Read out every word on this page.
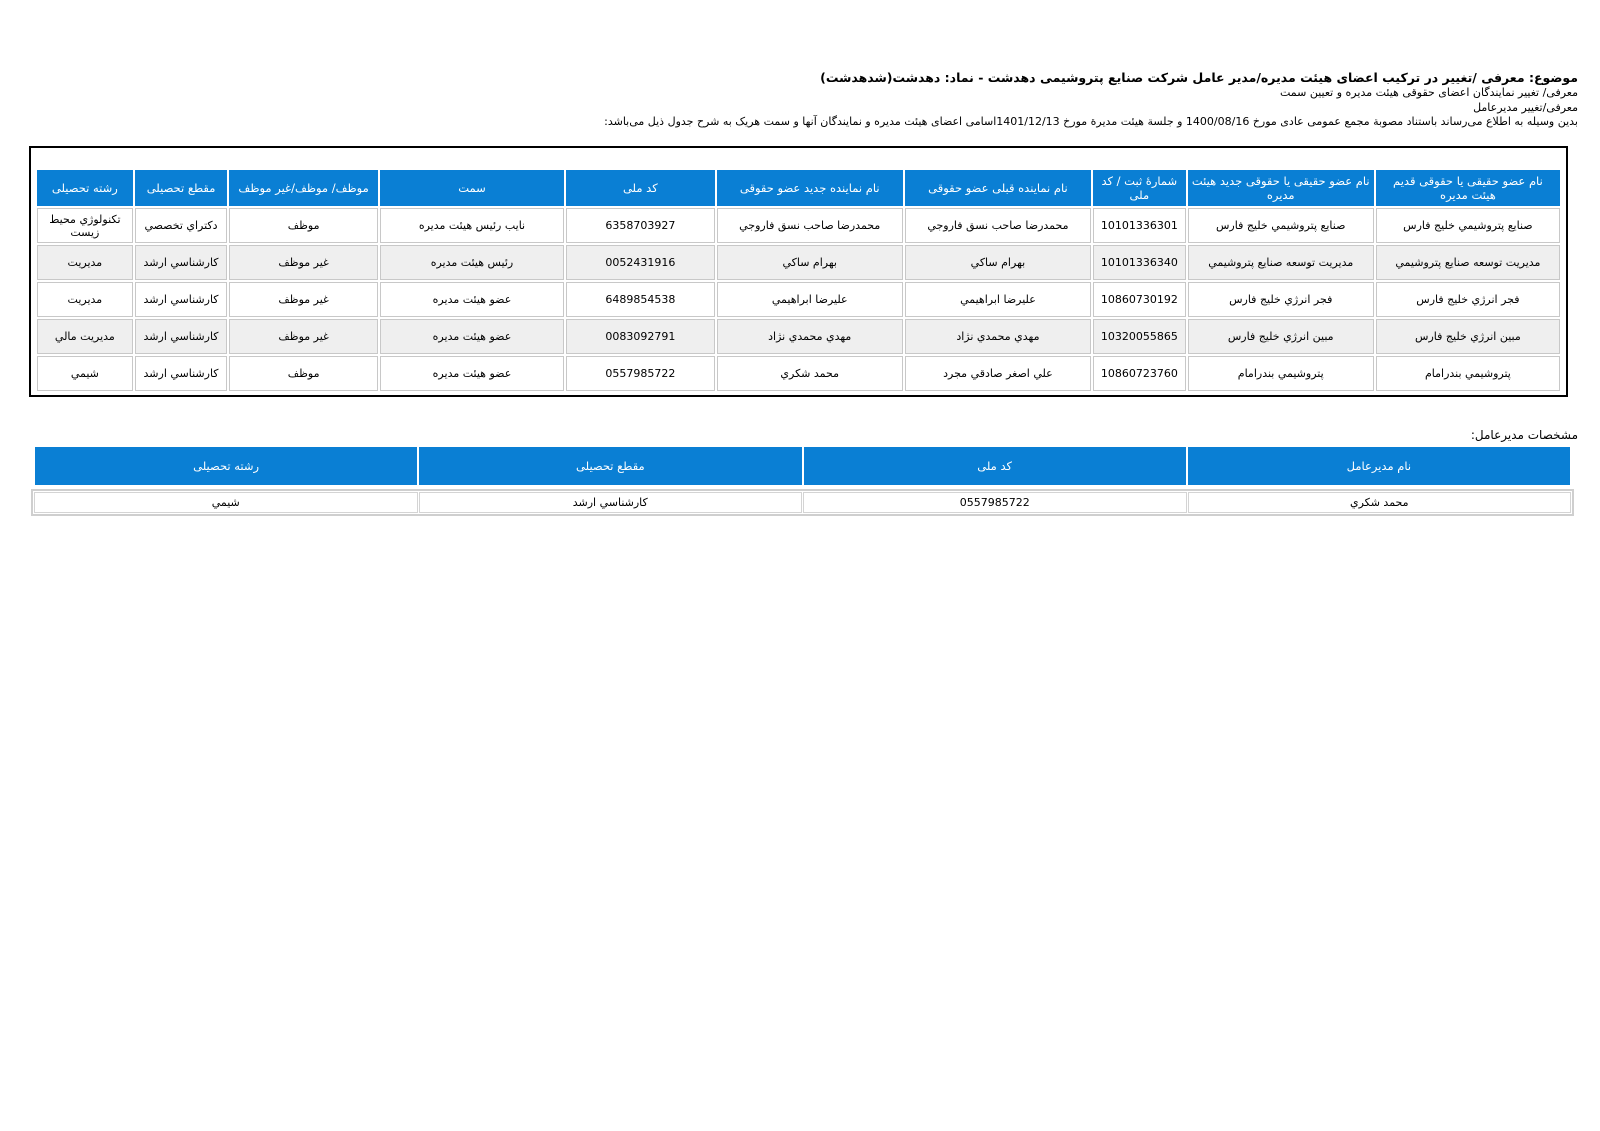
موضوع: معرفی /تغییر در ترکیب اعضای هیئت مدیره/مدیر عامل شرکت صنایع پتروشیمی دهدشت - نماد: دهدشت(شدهدشت)
معرفی/ تغییر نمایندگان اعضای حقوقی هیئت مدیره و تعیین سمت
معرفی/تغییر مدیرعامل
بدین وسیله به اطلاع می‌رساند باستناد مصوبة مجمع عمومی عادی مورخ 1400/08/16 و جلسة هیئت مدیرة مورخ 1401/12/13اسامی اعضای هیئت مدیره و نمایندگان آنها و سمت هریک به شرح جدول ذیل می‌باشد:
نام عضو حقیقی یا حقوقی قدیم هیئت مدیره	نام عضو حقیقی یا حقوقی جدید هیئت مدیره	شمارۀ ثبت / کد ملی	نام نماینده قبلی عضو حقوقی	نام نماینده جدید عضو حقوقی	کد ملی	سمت	موظف/ موظف/غیر موظف	مقطع تحصیلی	رشته تحصیلی
صنايع پتروشيمي خليج فارس	صنايع پتروشيمي خليج فارس	10101336301	محمدرضا صاحب نسق فاروجي	محمدرضا صاحب نسق فاروجي	6358703927	نايب رئيس هيئت مديره	موظف	دكتراي تخصصي	تكنولوژي محيط زيست
مديريت توسعه صنايع پتروشيمي	مديريت توسعه صنايع پتروشيمي	10101336340	بهرام ساكي	بهرام ساكي	0052431916	رئيس هيئت مديره	غير موظف	كارشناسي ارشد	مديريت
فجر انرژي خليج فارس	فجر انرژي خليج فارس	10860730192	عليرضا ابراهيمي	عليرضا ابراهيمي	6489854538	عضو هيئت مديره	غير موظف	كارشناسي ارشد	مديريت
مبين انرژي خليج فارس	مبين انرژي خليج فارس	10320055865	مهدي محمدي نژاد	مهدي محمدي نژاد	0083092791	عضو هيئت مديره	غير موظف	كارشناسي ارشد	مديريت مالي
پتروشيمي بندرامام	پتروشيمي بندرامام	10860723760	علي اصغر صادقي مجرد	محمد شكري	0557985722	عضو هيئت مديره	موظف	كارشناسي ارشد	شيمي
مشخصات مدیرعامل:
نام مدیرعامل	کد ملی	مقطع تحصیلی	رشته تحصیلی
محمد شكري	0557985722	كارشناسي ارشد	شيمي
